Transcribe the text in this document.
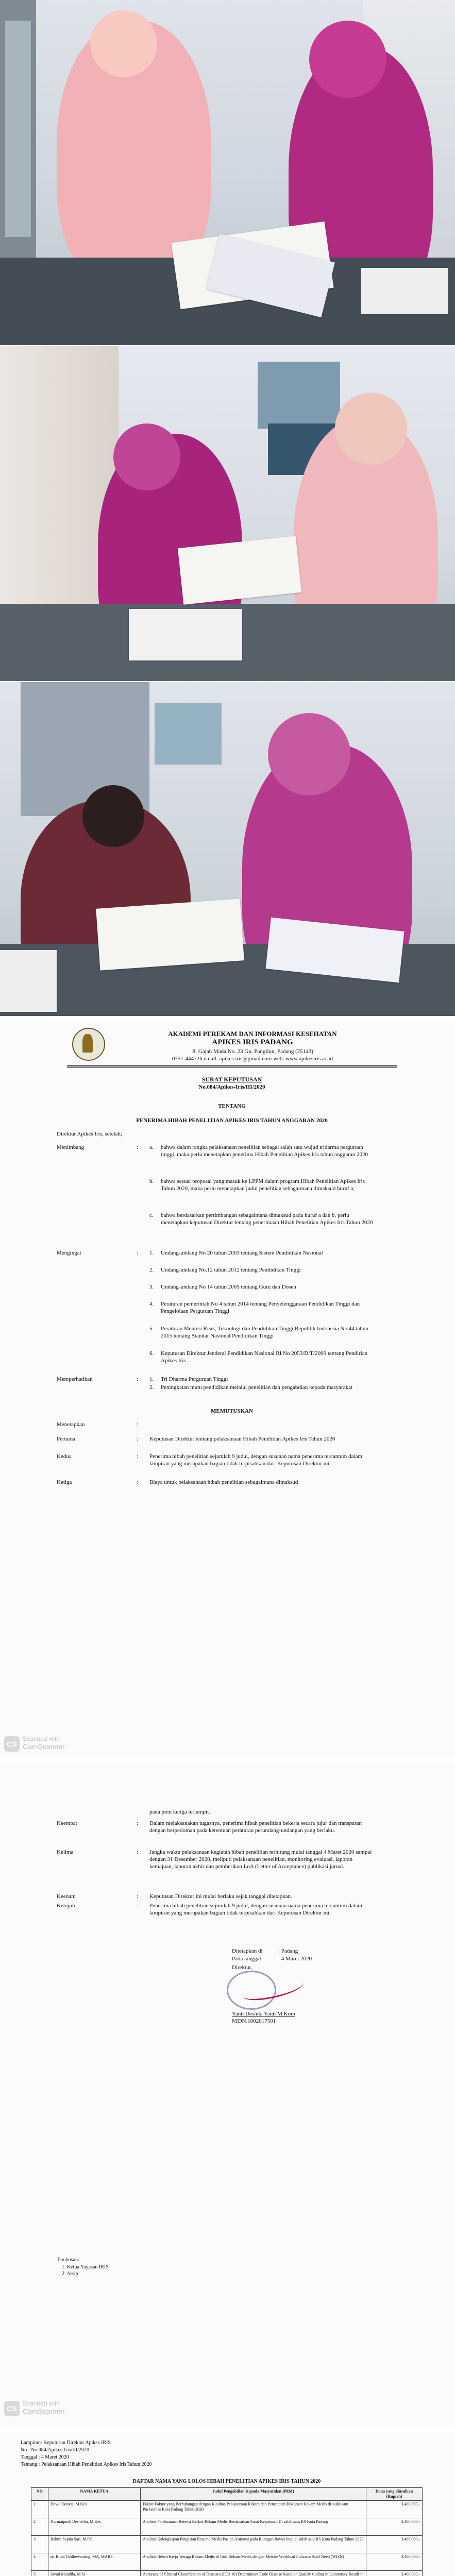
AKADEMI PEREKAM DAN INFORMASI KESEHATAN
APIKES IRIS PADANG
Jl. Gajah Mada No. 23 Gn. Pangilun, Padang (25143)
0751-444726 email: apikes.iris@gmail.com web: www.apikesiris.ac.id
SURAT KEPUTUSAN
No.084/Apikes-Iris/III/2020
TENTANG
PENERIMA HIBAH PENELITIAN APIKES IRIS TAHUN ANGGARAN 2020
Direktur Apikes Iris, setelah;
Menimbang	: a. bahwa dalam rangka pelaksanaan penelitian sebagai salah satu wujud tridarma perguruan tinggi, maka perlu menetapkan penerima Hibah Penelitian Apikes Iris tahun anggaran 2020
b. bahwa sesuai proposal yang masuk ke LPPM dalam program Hibah Penelitian Apikes Iris Tahun 2020, maka perlu menetapkan judul penelitian sebagaimana dimaksud huruf a;
c. bahwa berdasarkan pertimbangan sebagaimana dimaksud pada huruf a dan b, perlu menetapkan keputusan Direktur tentang penerimaan Hibah Penelitian Apikes Iris Tahun 2020
Mengingat	: 1. Undang-undang No 20 tahun 2003 tentang Sistem Pendidikan Nasional
2. Undang-undang No.12 tahun 2012 tentang Pendidikan Tinggi
3. Undang-undang No 14 tahun 2005 tentang Guru dan Dosen
4. Peraturan pemerintah No 4 tahun 2014 tentang Penyelenggaraan Pendidikan Tinggi dan Pengelolaan Perguruan Tinggi
5. Peraturan Menteri Riset, Teknologi dan Pendidikan Tinggi Republik Indonesia No 44 tahun 2015 tentang Standar Nasional Pendidikan Tinggi
6. Keputusan Direktur Jenderal Pendidikan Nasional RI No 2053/D/T/2009 tentang Pendirian Apikes Iris
Memperhatikan	: 1. Tri Dharma Perguruan Tinggi
2. Peningkatan mutu pendidikan melalui penelitian dan pengabdian kepada masyarakat
MEMUTUSKAN
Menetapkan	:
Pertama	: Keputusan Direktur tentang pelaksanaan Hibah Penelitian Apikes Iris Tahun 2020
Kedua	: Penerima hibah penelitian sejumlah 9 judul, dengan susunan nama penerima tercantum dalam lampiran yang merupakan bagian tidak terpisahkan dari Keputusan Direktur ini.
Ketiga	: Biaya untuk pelaksanaan hibah penelitian sebagaimana dimaksud
CS
Scanned with
CamScanner
pada poin ketiga terlampir.
Keempat	: Dalam melaksanakan tugasnya, penerima hibah penelitian bekerja secara jujur dan transparan dengan berpedoman pada ketentuan peraturan perundang-undangan yang berlaku.
Kelima	: Jangka waktu pelaksanaan kegiatan hibah penelitian terhitung mulai tanggal 4 Maret 2020 sampai dengan 31 Desember 2020, meliputi pelaksanaan penelitian, monitoring evaluasi, laporan kemajuan, laporan akhir dan pemberikan LoA (Letter of Acceptance) publikasi jurnal.
Keenam	: Keputusan Direktur ini mulai berlaku sejak tanggal ditetapkan.
Ketujuh	: Penerima hibah penelitian sejumlah 9 judul, dengan susunan nama penerima tercantum dalam lampiran yang merupakan bagian tidak terpisahkan dari Keputusan Direktur ini.
Ditetapkan di	: Padang
Pada tanggal	: 4 Maret 2020
Direktur,
Yanti Desnita Yanti M.Kom
NIDN.1002017501
Tembusan:
1. Ketua Yayasan IRIS
2. Arsip
CS
Scanned with
CamScanner
Lampiran: Keputusan Direktur Apikes IRIS
No : No.084/Apikes-Iris/III/2020
Tanggal : 4 Maret 2020
Tentang : Pelaksanaan Hibah Penelitian Apikes Iris Tahun 2020
DAFTAR NAMA YANG LOLOS HIBAH PENELITIAN APIKES IRIS TAHUN 2020
NO	NAMA KETUA	Judul Pengabdian Kepada Masyarakat (PkM)	Dana yang diusulkan (Rupiah)
1	Dewi Oktavia, M.Kes	Faktor-Faktor yang Berhubungan dengan Kualitas Pelaksanaan Rekam dan Pencatatan Dokumen Rekam Medis di salah satu Puskesmas Kota Padang Tahun 2020	3.400.000,-
2	Nurmaipnah Desnelita, M.Kes	Analisis Pelaksanaan Retensi Berkas Rekam Medis Berdasarkan Surat Keputusan Di salah satu RS Kota Padang	3.400.000,-
3	Rahmi Septia Sari, M.Pd	Analisis Kelengkapan Pengisian Resume Medis Pasien Asuransi pada Ruangan Rawat Inap di salah satu RS Kota Padang Tahun 2020	3.400.000,-
4	dr. Rima Tiedhewanting, MA, MARS	Analisis Beban Kerja Tenaga Rekam Medis di Unit Rekam Medis dengan Metode Workload Indicator Staff Need (WISN)	3.400.000,-
5	Jayati Mandila, M.Si	Accuracy of Clinical Classification of Diseases (ICD 10) Determinant Code Disease based on Quality Coding in Laboratory Result in	3.400.000,-
